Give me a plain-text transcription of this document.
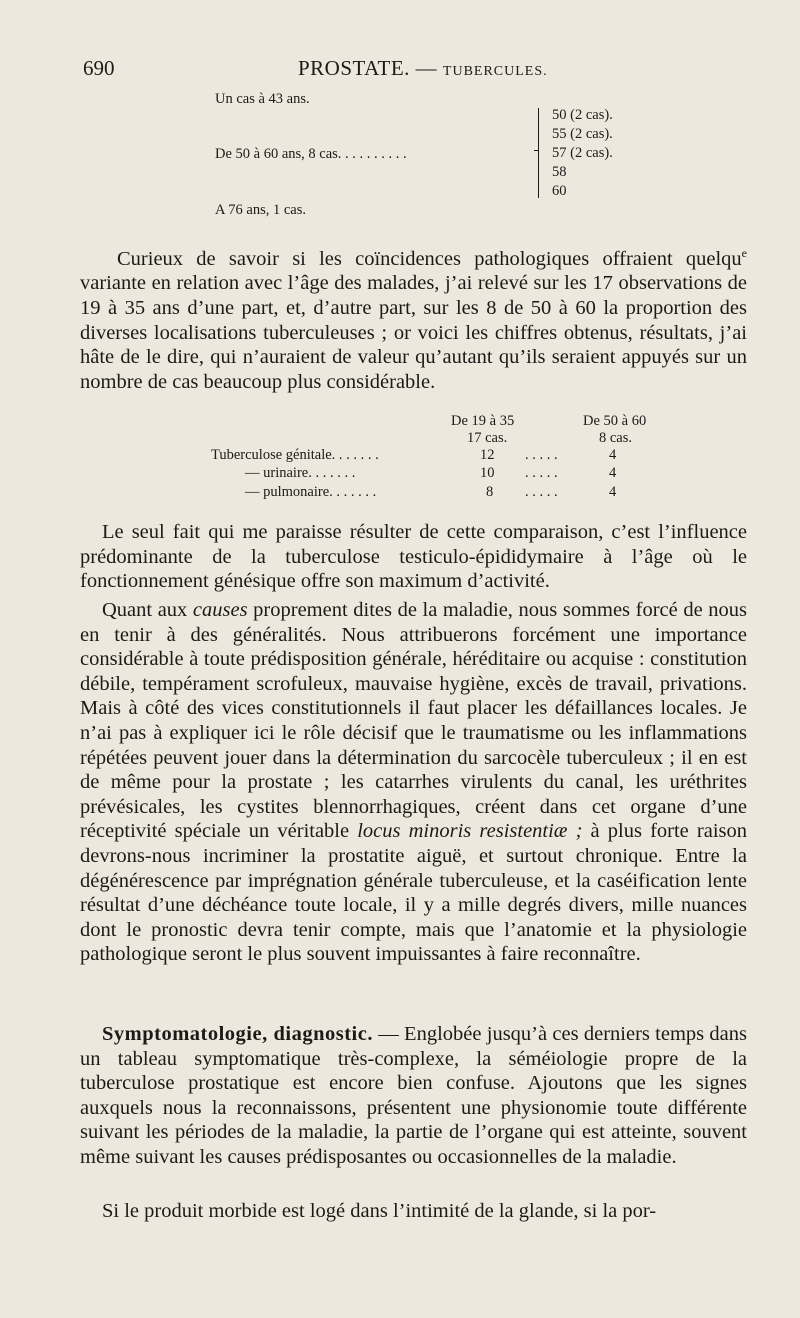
690	PROSTATE. — TUBERCULES.
Un cas à 43 ans.
De 50 à 60 ans, 8 cas. . . . . . . . . .
50 (2 cas).
55 (2 cas).
57 (2 cas).
58
60
A 76 ans, 1 cas.

Curieux de savoir si les coïncidences pathologiques offraient quelqu$^e$ variante en relation avec l’âge des malades, j’ai relevé sur les 17 observations de 19 à 35 ans d’une part, et, d’autre part, sur les 8 de 50 à 60 la proportion des diverses localisations tuberculeuses ; or voici les chiffres obtenus, résultats, j’ai hâte de le dire, qui n’auraient de valeur qu’autant qu’ils seraient appuyés sur un nombre de cas beaucoup plus considérable.

De 19 à 35
17 cas.
De 50 à 60
8 cas.
Tuberculose génitale. . . . . . .	12 . . . . .	4
— urinaire. . . . . . .	10 . . . . .	4
— pulmonaire. . . . . . .	8 . . . . .	4

Le seul fait qui me paraisse résulter de cette comparaison, c’est l’influence prédominante de la tuberculose testiculo-épididymaire à l’âge où le fonctionnement génésique offre son maximum d’activité.

Quant aux causes proprement dites de la maladie, nous sommes forcé de nous en tenir à des généralités. Nous attribuerons forcément une importance considérable à toute prédisposition générale, héréditaire ou acquise : constitution débile, tempérament scrofuleux, mauvaise hygiène, excès de travail, privations. Mais à côté des vices constitutionnels il faut placer les défaillances locales. Je n’ai pas à expliquer ici le rôle décisif que le traumatisme ou les inflammations répétées peuvent jouer dans la détermination du sarcocèle tuberculeux ; il en est de même pour la prostate ; les catarrhes virulents du canal, les uréthrites prévésicales, les cystites blennorrhagiques, créent dans cet organe d’une réceptivité spéciale un véritable locus minoris resistentiæ ; à plus forte raison devrons-nous incriminer la prostatite aiguë, et surtout chronique. Entre la dégénérescence par imprégnation générale tuberculeuse, et la caséification lente résultat d’une déchéance toute locale, il y a mille degrés divers, mille nuances dont le pronostic devra tenir compte, mais que l’anatomie et la physiologie pathologique seront le plus souvent impuissantes à faire reconnaître.

Symptomatologie, diagnostic. — Englobée jusqu’à ces derniers temps dans un tableau symptomatique très-complexe, la séméiologie propre de la tuberculose prostatique est encore bien confuse. Ajoutons que les signes auxquels nous la reconnaissons, présentent une physionomie toute différente suivant les périodes de la maladie, la partie de l’organe qui est atteinte, souvent même suivant les causes prédisposantes ou occasionnelles de la maladie.

Si le produit morbide est logé dans l’intimité de la glande, si la por-
